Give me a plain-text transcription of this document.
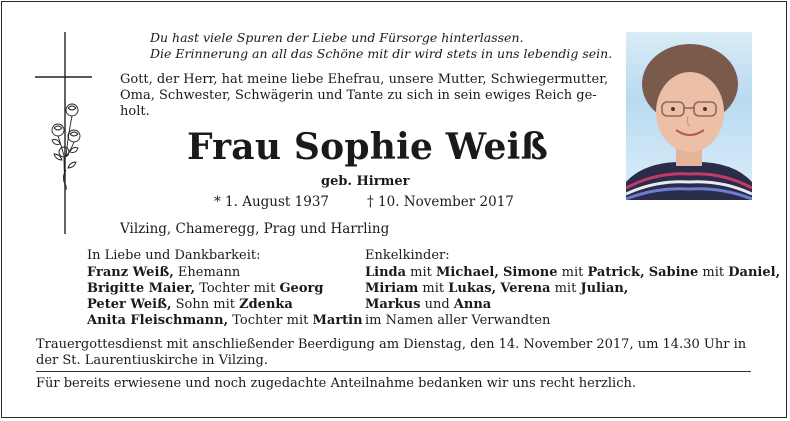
Du hast viele Spuren der Liebe und Fürsorge hinterlassen.
Die Erinnerung an all das Schöne mit dir wird stets in uns lebendig sein.
Gott, der Herr, hat meine liebe Ehefrau, unsere Mutter, Schwiegermutter,
Oma, Schwester, Schwägerin und Tante zu sich in sein ewiges Reich ge-
holt.
Frau Sophie Weiß
geb. Hirmer
* 1. August 1937	† 10. November 2017
Vilzing, Chameregg, Prag und Harrling
In Liebe und Dankbarkeit:
Franz Weiß, Ehemann
Brigitte Maier, Tochter mit Georg
Peter Weiß, Sohn mit Zdenka
Anita Fleischmann, Tochter mit Martin
Enkelkinder:
Linda mit Michael, Simone mit Patrick, Sabine mit Daniel,
Miriam mit Lukas, Verena mit Julian,
Markus und Anna
im Namen aller Verwandten
Trauergottesdienst mit anschließender Beerdigung am Dienstag, den 14. November 2017, um 14.30 Uhr in der St. Laurentiuskirche in Vilzing.
Für bereits erwiesene und noch zugedachte Anteilnahme bedanken wir uns recht herzlich.
